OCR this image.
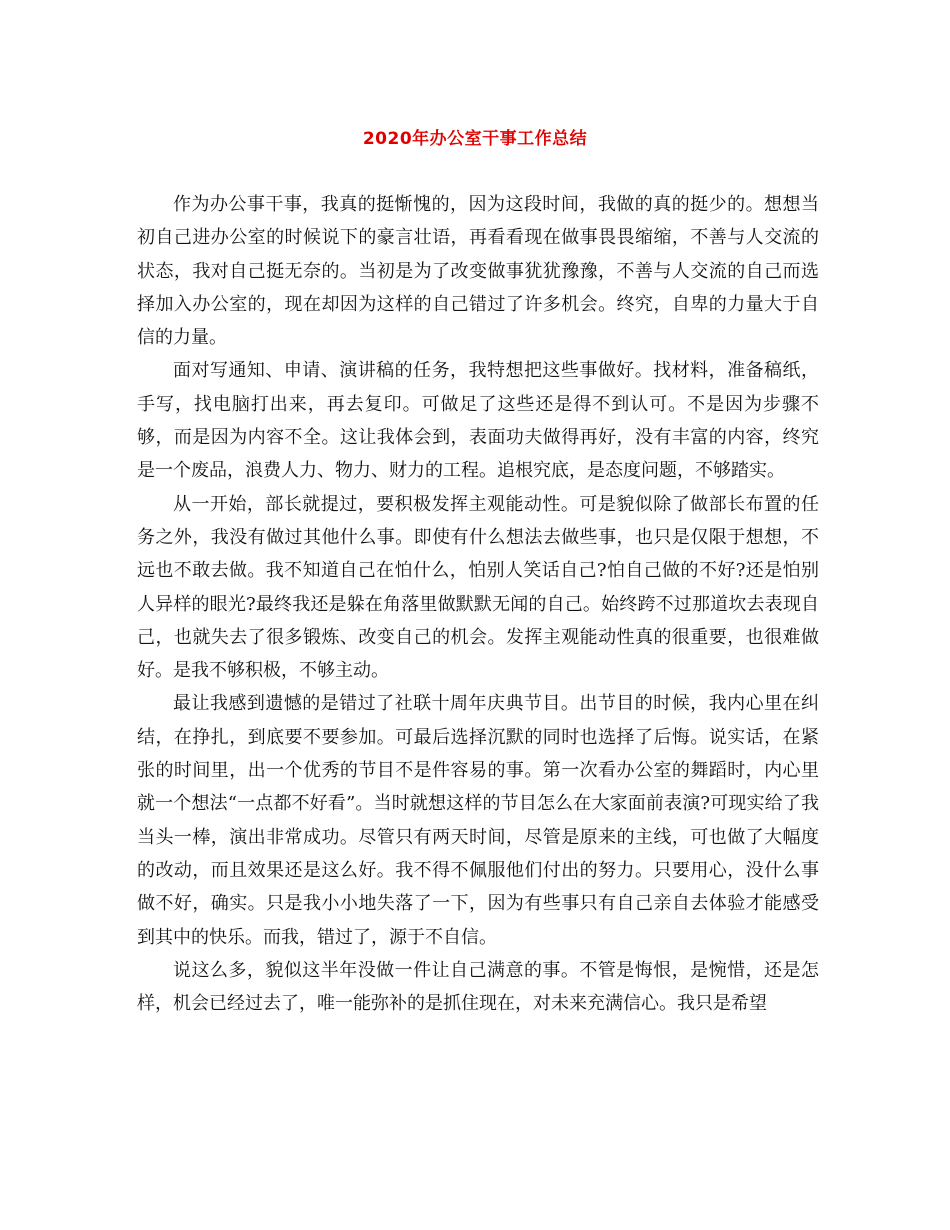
2020年办公室干事工作总结

作为办公事干事，我真的挺惭愧的，因为这段时间，我做的真的挺少的。想想当初自己进办公室的时候说下的豪言壮语，再看看现在做事畏畏缩缩，不善与人交流的状态，我对自己挺无奈的。当初是为了改变做事犹犹豫豫，不善与人交流的自己而选择加入办公室的，现在却因为这样的自己错过了许多机会。终究，自卑的力量大于自信的力量。

面对写通知、申请、演讲稿的任务，我特想把这些事做好。找材料，准备稿纸，手写，找电脑打出来，再去复印。可做足了这些还是得不到认可。不是因为步骤不够，而是因为内容不全。这让我体会到，表面功夫做得再好，没有丰富的内容，终究是一个废品，浪费人力、物力、财力的工程。追根究底，是态度问题，不够踏实。

从一开始，部长就提过，要积极发挥主观能动性。可是貌似除了做部长布置的任务之外，我没有做过其他什么事。即使有什么想法去做些事，也只是仅限于想想，不远也不敢去做。我不知道自己在怕什么，怕别人笑话自己?怕自己做的不好?还是怕别人异样的眼光?最终我还是躲在角落里做默默无闻的自己。始终跨不过那道坎去表现自己，也就失去了很多锻炼、改变自己的机会。发挥主观能动性真的很重要，也很难做好。是我不够积极，不够主动。

最让我感到遗憾的是错过了社联十周年庆典节目。出节目的时候，我内心里在纠结，在挣扎，到底要不要参加。可最后选择沉默的同时也选择了后悔。说实话，在紧张的时间里，出一个优秀的节目不是件容易的事。第一次看办公室的舞蹈时，内心里就一个想法“一点都不好看”。当时就想这样的节目怎么在大家面前表演?可现实给了我当头一棒，演出非常成功。尽管只有两天时间，尽管是原来的主线，可也做了大幅度的改动，而且效果还是这么好。我不得不佩服他们付出的努力。只要用心，没什么事做不好，确实。只是我小小地失落了一下，因为有些事只有自己亲自去体验才能感受到其中的快乐。而我，错过了，源于不自信。

说这么多，貌似这半年没做一件让自己满意的事。不管是悔恨，是惋惜，还是怎样，机会已经过去了，唯一能弥补的是抓住现在，对未来充满信心。我只是希望
